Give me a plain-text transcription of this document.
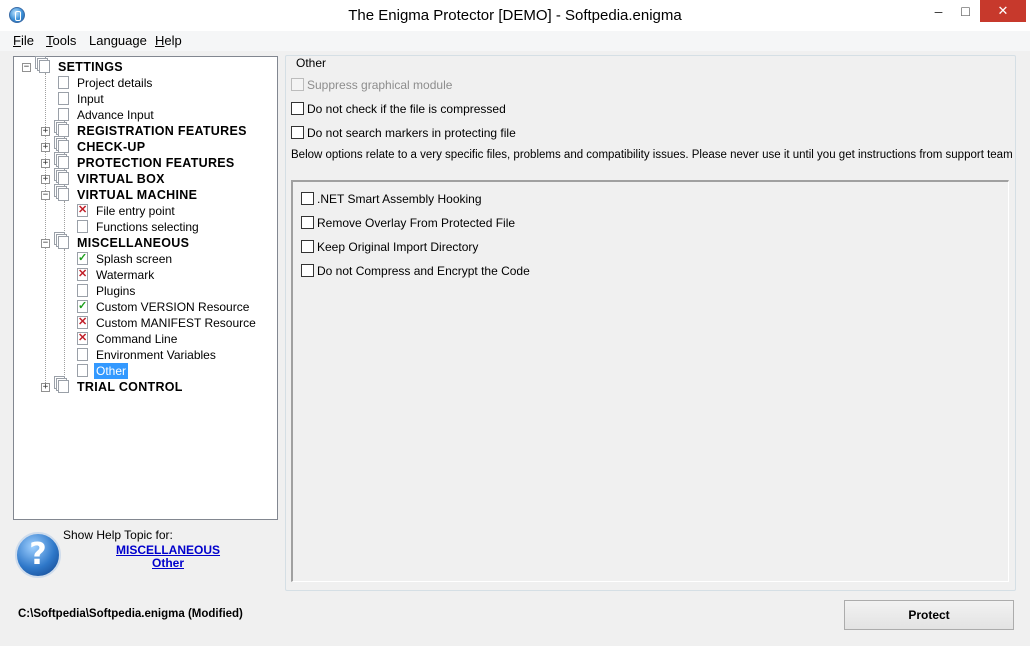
The Enigma Protector [DEMO] - Softpedia.enigma	–	□	✕
File Tools Language Help
− SETTINGS
Project details
Input
Advance Input
+ REGISTRATION FEATURES
+ CHECK-UP
+ PROTECTION FEATURES
+ VIRTUAL BOX
− VIRTUAL MACHINE
✕ File entry point
Functions selecting
− MISCELLANEOUS
✓ Splash screen
✕ Watermark
Plugins
✓ Custom VERSION Resource
✕ Custom MANIFEST Resource
✕ Command Line
Environment Variables
Other
+ TRIAL CONTROL
?
Show Help Topic for:
MISCELLANEOUS
Other
Other
Suppress graphical module
Do not check if the file is compressed
Do not search markers in protecting file
Below options relate to a very specific files, problems and compatibility issues. Please never use it until you get instructions from support team
.NET Smart Assembly Hooking
Remove Overlay From Protected File
Keep Original Import Directory
Do not Compress and Encrypt the Code
C:\Softpedia\Softpedia.enigma (Modified)	Protect
